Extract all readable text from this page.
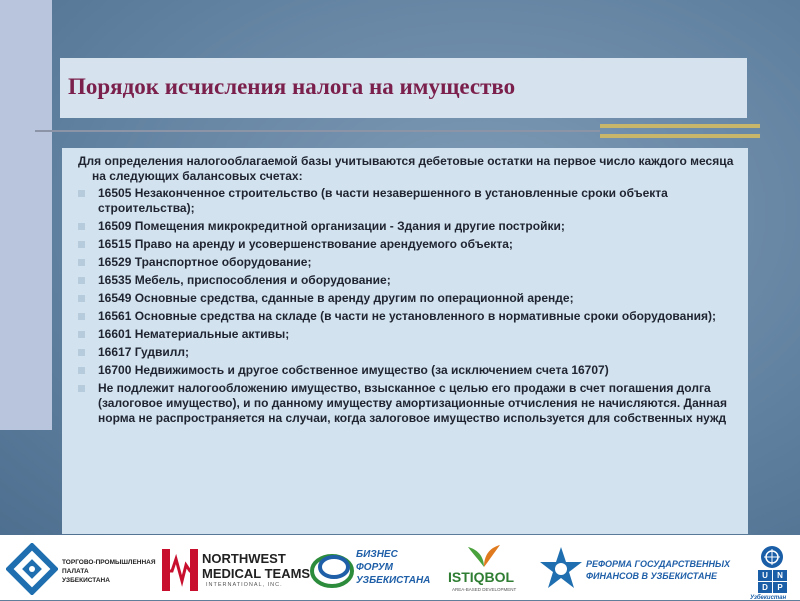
Порядок исчисления налога на имущество

Для определения налогооблагаемой базы учитываются дебетовые остатки на первое число каждого месяца на следующих балансовых счетах:

16505 Незаконченное строительство (в части незавершенного в установленные сроки объекта строительства);
16509 Помещения микрокредитной организации - Здания и другие постройки;
16515 Право на аренду и усовершенствование арендуемого объекта;
16529 Транспортное оборудование;
16535 Мебель, приспособления и оборудование;
16549 Основные средства, сданные в аренду другим по операционной аренде;
16561 Основные средства на складе (в части не установленного в нормативные сроки оборудования);
16601 Нематериальные активы;
16617 Гудвилл;
16700 Недвижимость и другое собственное имущество (за исключением счета 16707)
Не подлежит налогообложению имущество, взысканное с целью его продажи в счет погашения долга (залоговое имущество), и по данному имуществу амортизационные отчисления не начисляются. Данная норма не распространяется на случаи, когда залоговое имущество используется для собственных нужд
ТОРГОВО-ПРОМЫШЛЕННАЯ
ПАЛАТА
УЗБЕКИСТАНА
NORTHWEST
MEDICAL TEAMS
INTERNATIONAL, INC.
БИЗНЕС
ФОРУМ
УЗБЕКИСТАНА ISTIQBOL
AREA-BASED DEVELOPMENT
РЕФОРМА ГОСУДАРСТВЕННЫХ
ФИНАНСОВ В УЗБЕКИСТАНЕ	U	N
D	P
Узбекистан
